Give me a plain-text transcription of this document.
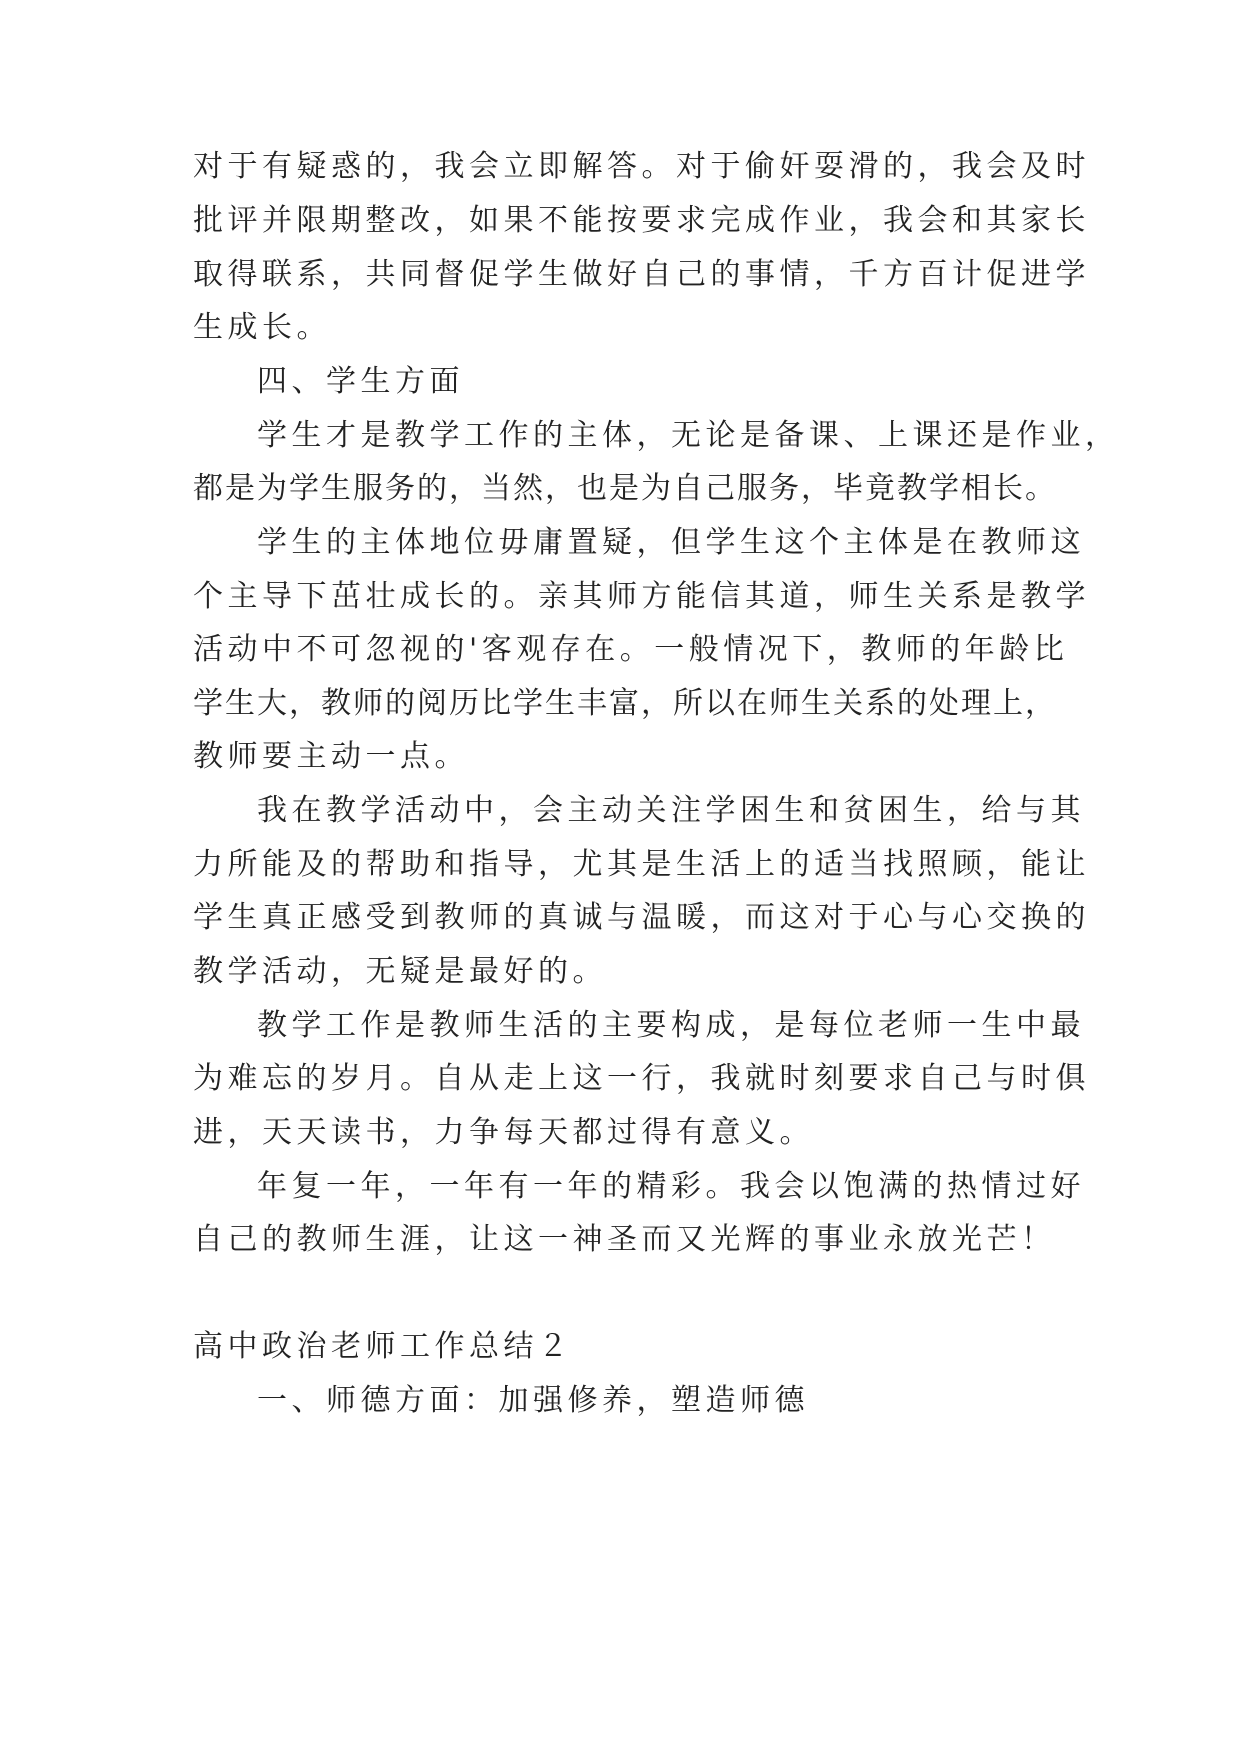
对于有疑惑的，我会立即解答。对于偷奸耍滑的，我会及时
批评并限期整改，如果不能按要求完成作业，我会和其家长
取得联系，共同督促学生做好自己的事情，千方百计促进学
生成长。
四、学生方面
学生才是教学工作的主体，无论是备课、上课还是作业，
都是为学生服务的，当然，也是为自己服务，毕竟教学相长。
学生的主体地位毋庸置疑，但学生这个主体是在教师这
个主导下茁壮成长的。亲其师方能信其道，师生关系是教学
活动中不可忽视的'客观存在。一般情况下，教师的年龄比
学生大，教师的阅历比学生丰富，所以在师生关系的处理上，
教师要主动一点。
我在教学活动中，会主动关注学困生和贫困生，给与其
力所能及的帮助和指导，尤其是生活上的适当找照顾，能让
学生真正感受到教师的真诚与温暖，而这对于心与心交换的
教学活动，无疑是最好的。
教学工作是教师生活的主要构成，是每位老师一生中最
为难忘的岁月。自从走上这一行，我就时刻要求自己与时俱
进，天天读书，力争每天都过得有意义。
年复一年，一年有一年的精彩。我会以饱满的热情过好
自己的教师生涯，让这一神圣而又光辉的事业永放光芒！
高中政治老师工作总结２
一、师德方面：加强修养，塑造师德
